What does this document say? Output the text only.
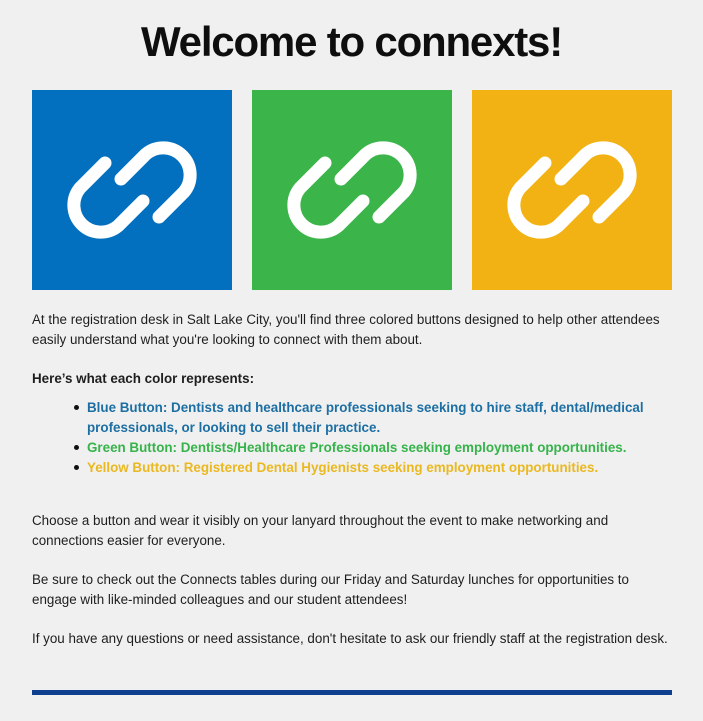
Welcome to connexts!

At the registration desk in Salt Lake City, you'll find three colored buttons designed to help other attendees easily understand what you're looking to connect with them about.

Here’s what each color represents:

Blue Button: Dentists and healthcare professionals seeking to hire staff, dental/medical professionals, or looking to sell their practice.
Green Button: Dentists/Healthcare Professionals seeking employment opportunities.
Yellow Button: Registered Dental Hygienists seeking employment opportunities.

Choose a button and wear it visibly on your lanyard throughout the event to make networking and connections easier for everyone.

Be sure to check out the Connects tables during our Friday and Saturday lunches for opportunities to engage with like-minded colleagues and our student attendees!

If you have any questions or need assistance, don't hesitate to ask our friendly staff at the registration desk.
